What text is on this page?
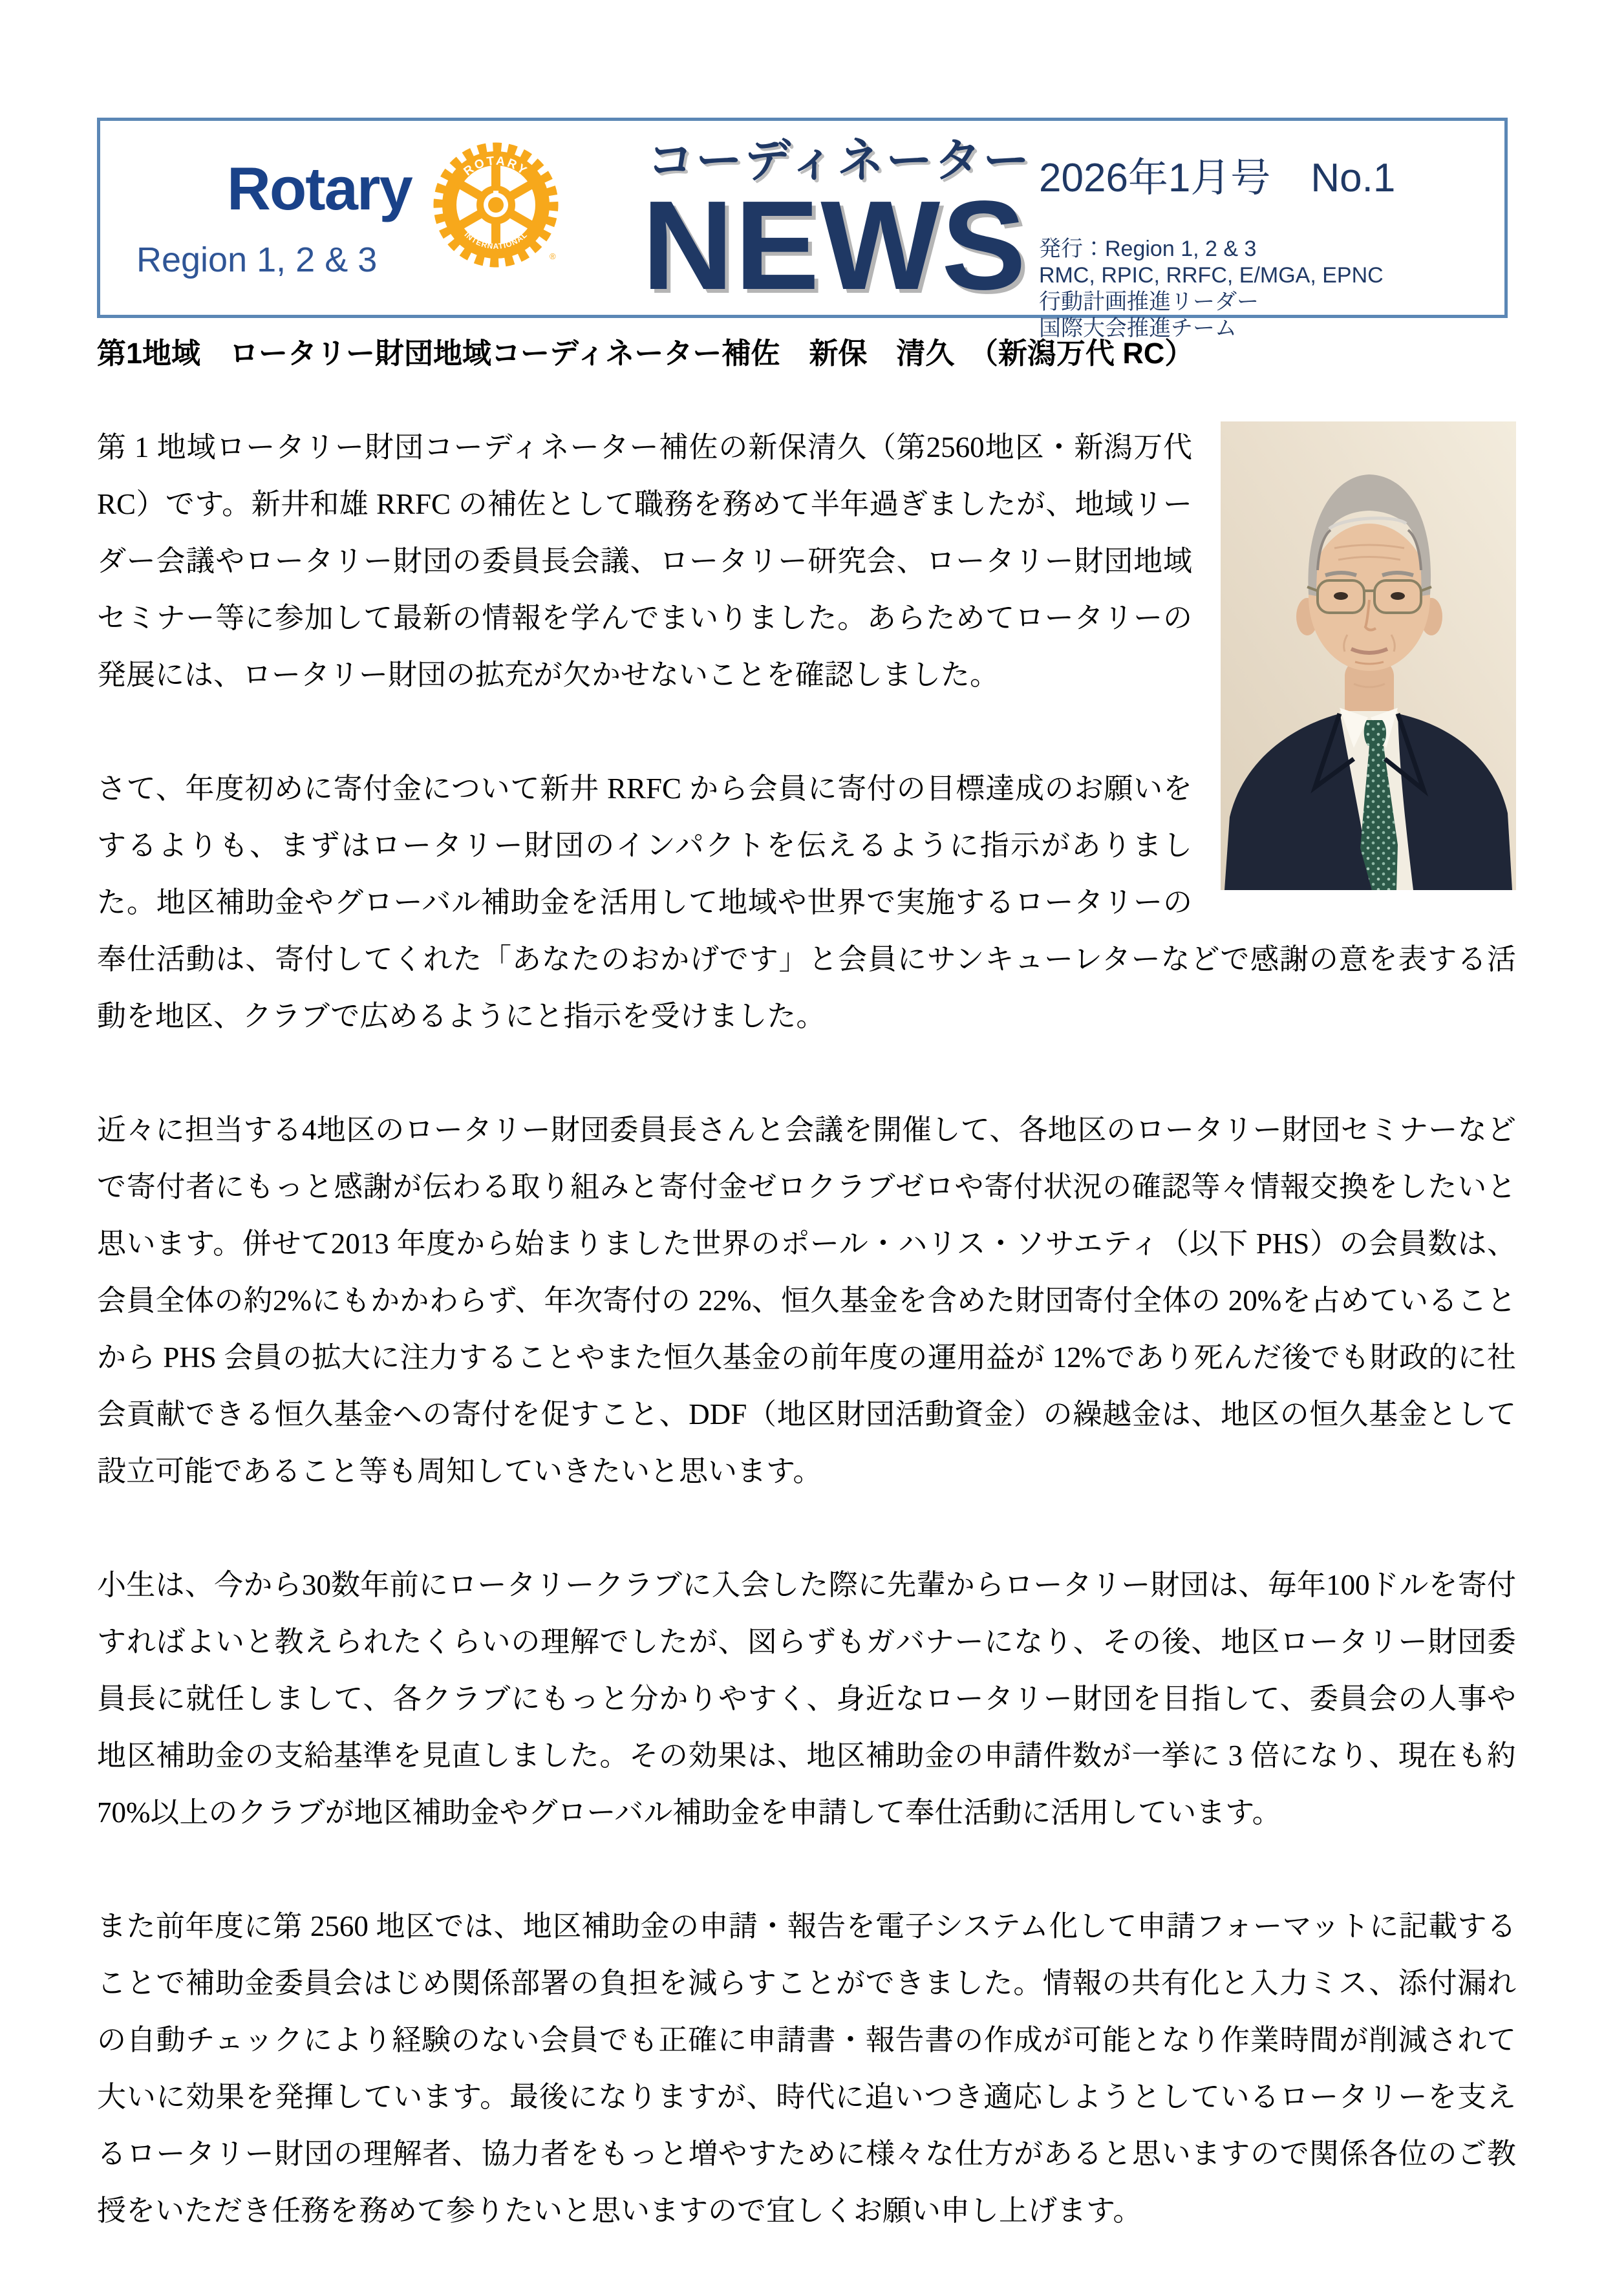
Rotary
Region 1, 2 & 3
ROTARY
INTERNATIONAL
®
コーディネーター
NEWS 2026年1月号　No.1
発行：Region 1, 2 & 3
RMC, RPIC, RRFC, E/MGA, EPNC
行動計画推進リーダー
国際大会推進チーム
第1地域　ロータリー財団地域コーディネーター補佐　新保　清久　（新潟万代 RC）

第 1 地域ロータリー財団コーディネーター補佐の新保清久（第2560地区・新潟万代RC）です。新井和雄 RRFC の補佐として職務を務めて半年過ぎましたが、地域リーダー会議やロータリー財団の委員長会議、ロータリー研究会、ロータリー財団地域セミナー等に参加して最新の情報を学んでまいりました。あらためてロータリーの発展には、ロータリー財団の拡充が欠かせないことを確認しました。

さて、年度初めに寄付金について新井 RRFC から会員に寄付の目標達成のお願いをするよりも、まずはロータリー財団のインパクトを伝えるように指示がありました。地区補助金やグローバル補助金を活用して地域や世界で実施するロータリーの奉仕活動は、寄付してくれた「あなたのおかげです」と会員にサンキューレターなどで感謝の意を表する活動を地区、クラブで広めるようにと指示を受けました。

近々に担当する4地区のロータリー財団委員長さんと会議を開催して、各地区のロータリー財団セミナーなどで寄付者にもっと感謝が伝わる取り組みと寄付金ゼロクラブゼロや寄付状況の確認等々情報交換をしたいと思います。併せて2013 年度から始まりました世界のポール・ハリス・ソサエティ（以下 PHS）の会員数は、会員全体の約2%にもかかわらず、年次寄付の 22%、恒久基金を含めた財団寄付全体の 20%を占めていることから PHS 会員の拡大に注力することやまた恒久基金の前年度の運用益が 12%であり死んだ後でも財政的に社会貢献できる恒久基金への寄付を促すこと、DDF（地区財団活動資金）の繰越金は、地区の恒久基金として設立可能であること等も周知していきたいと思います。

小生は、今から30数年前にロータリークラブに入会した際に先輩からロータリー財団は、毎年100ドルを寄付すればよいと教えられたくらいの理解でしたが、図らずもガバナーになり、その後、地区ロータリー財団委員長に就任しまして、各クラブにもっと分かりやすく、身近なロータリー財団を目指して、委員会の人事や地区補助金の支給基準を見直しました。その効果は、地区補助金の申請件数が一挙に 3 倍になり、現在も約 70%以上のクラブが地区補助金やグローバル補助金を申請して奉仕活動に活用しています。

また前年度に第 2560 地区では、地区補助金の申請・報告を電子システム化して申請フォーマットに記載することで補助金委員会はじめ関係部署の負担を減らすことができました。情報の共有化と入力ミス、添付漏れの自動チェックにより経験のない会員でも正確に申請書・報告書の作成が可能となり作業時間が削減されて大いに効果を発揮しています。最後になりますが、時代に追いつき適応しようとしているロータリーを支えるロータリー財団の理解者、協力者をもっと増やすために様々な仕方があると思いますので関係各位のご教授をいただき任務を務めて参りたいと思いますので宜しくお願い申し上げます。
